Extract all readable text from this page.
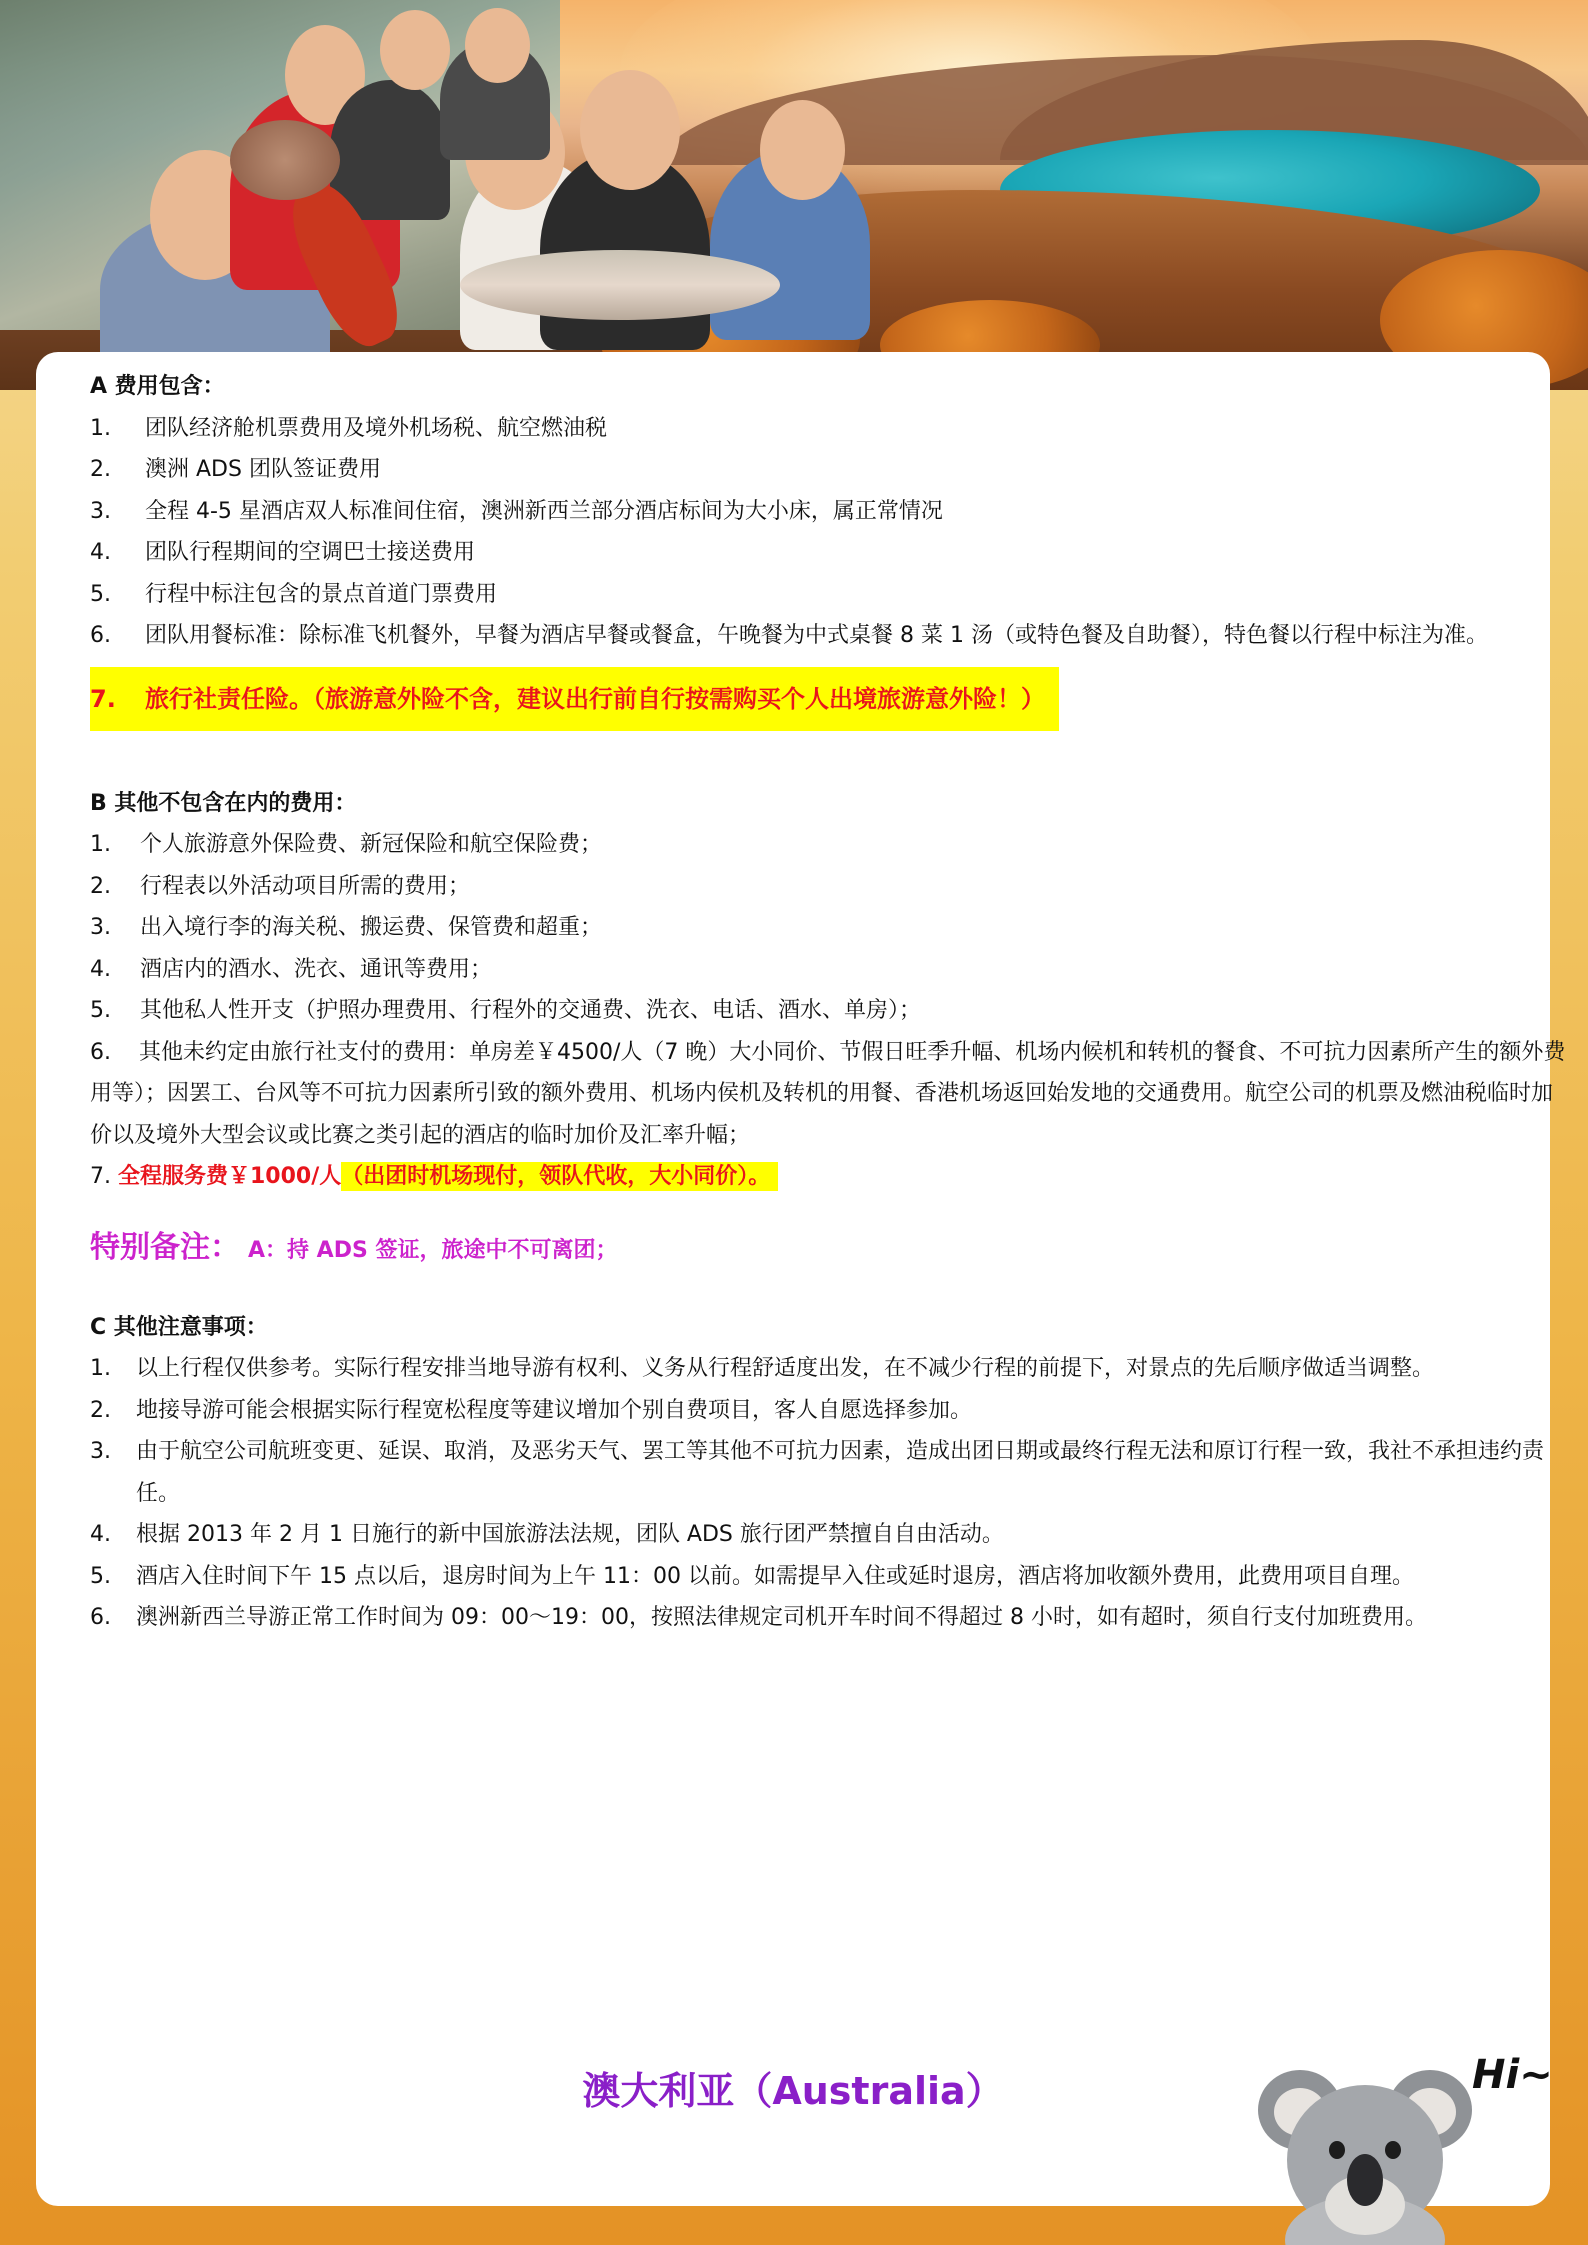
A 费用包含：
1. 团队经济舱机票费用及境外机场税、航空燃油税
2. 澳洲 ADS 团队签证费用
3. 全程 4-5 星酒店双人标准间住宿，澳洲新西兰部分酒店标间为大小床，属正常情况
4. 团队行程期间的空调巴士接送费用
5. 行程中标注包含的景点首道门票费用
6. 团队用餐标准：除标准飞机餐外，早餐为酒店早餐或餐盒，午晚餐为中式桌餐 8 菜 1 汤（或特色餐及自助餐），特色餐以行程中标注为准。
7. 旅行社责任险。（旅游意外险不含，建议出行前自行按需购买个人出境旅游意外险！）
B 其他不包含在内的费用：
1. 个人旅游意外保险费、新冠保险和航空保险费；
2. 行程表以外活动项目所需的费用；
3. 出入境行李的海关税、搬运费、保管费和超重；
4. 酒店内的酒水、洗衣、通讯等费用；
5. 其他私人性开支（护照办理费用、行程外的交通费、洗衣、电话、酒水、单房）；
6. 其他未约定由旅行社支付的费用：单房差￥4500/人（7 晚）大小同价、节假日旺季升幅、机场内候机和转机的餐食、不可抗力因素所产生的额外费用等）；因罢工、台风等不可抗力因素所引致的额外费用、机场内侯机及转机的用餐、香港机场返回始发地的交通费用。航空公司的机票及燃油税临时加价以及境外大型会议或比赛之类引起的酒店的临时加价及汇率升幅；
7. 全程服务费￥1000/人（出团时机场现付，领队代收，大小同价）。
特别备注： A：持 ADS 签证，旅途中不可离团；
C 其他注意事项：
1. 以上行程仅供参考。实际行程安排当地导游有权利、义务从行程舒适度出发，在不减少行程的前提下，对景点的先后顺序做适当调整。
2. 地接导游可能会根据实际行程宽松程度等建议增加个别自费项目，客人自愿选择参加。
3. 由于航空公司航班变更、延误、取消，及恶劣天气、罢工等其他不可抗力因素，造成出团日期或最终行程无法和原订行程一致，我社不承担违约责任。
4. 根据 2013 年 2 月 1 日施行的新中国旅游法法规，团队 ADS 旅行团严禁擅自自由活动。
5. 酒店入住时间下午 15 点以后，退房时间为上午 11：00 以前。如需提早入住或延时退房，酒店将加收额外费用，此费用项目自理。
6. 澳洲新西兰导游正常工作时间为 09：00～19：00，按照法律规定司机开车时间不得超过 8 小时，如有超时，须自行支付加班费用。
澳大利亚（Australia）	Hi~
